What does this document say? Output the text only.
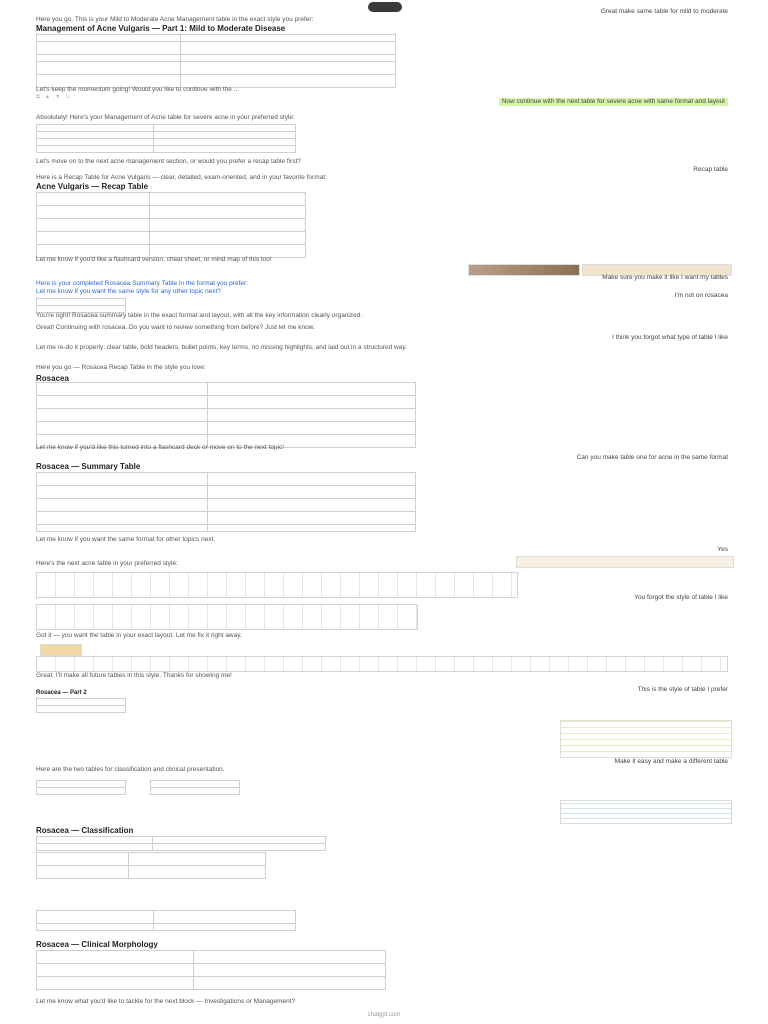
Great make same table for mild to moderate
Here you go. This is your Mild to Moderate Acne Management table in the exact style you prefer:
Management of Acne Vulgaris — Part 1: Mild to Moderate Disease

Let's keep the momentum going! Would you like to continue with the ...
⧉ ▲ ▼ ↻
Now continue with the next table for severe acne with same format and layout
Absolutely! Here's your Management of Acne table for severe acne in your preferred style:

Let's move on to the next acne management section, or would you prefer a recap table first?
Recap table
Here is a Recap Table for Acne Vulgaris — clear, detailed, exam-oriented, and in your favorite format:
Acne Vulgaris — Recap Table

Let me know if you'd like a flashcard version, cheat sheet, or mind map of this too!
Make sure you make it like I want my tables
Here is your completed Rosacea Summary Table in the format you prefer:
Let me know if you want the same style for any other topic next?

I'm not on rosacea
You're right! Rosacea summary table in the exact format and layout, with all the key information clearly organized.
Great! Continuing with rosacea. Do you want to review something from before? Just let me know.
I think you forgot what type of table I like
Let me re-do it properly: clear table, bold headers, bullet points, key terms, no missing highlights, and laid out in a structured way.
Here you go — Rosacea Recap Table in the style you love:
Rosacea

Let me know if you'd like this turned into a flashcard deck or move on to the next topic!
Can you make table one for acne in the same format
Rosacea — Summary Table

Let me know if you want the same format for other topics next.
Yes
Here's the next acne table in your preferred style:
You forgot the style of table I like
Got it — you want the table in your exact layout. Let me fix it right away.
This is the style of table I prefer
Great. I'll make all future tables in this style. Thanks for showing me!
Rosacea — Part 2

Make it easy and make a different table
Here are the two tables for classification and clinical presentation.

Rosacea — Classification

Rosacea — Clinical Morphology

Let me know what you'd like to tackle for the next block — Investigations or Management?
chatgpt.com
